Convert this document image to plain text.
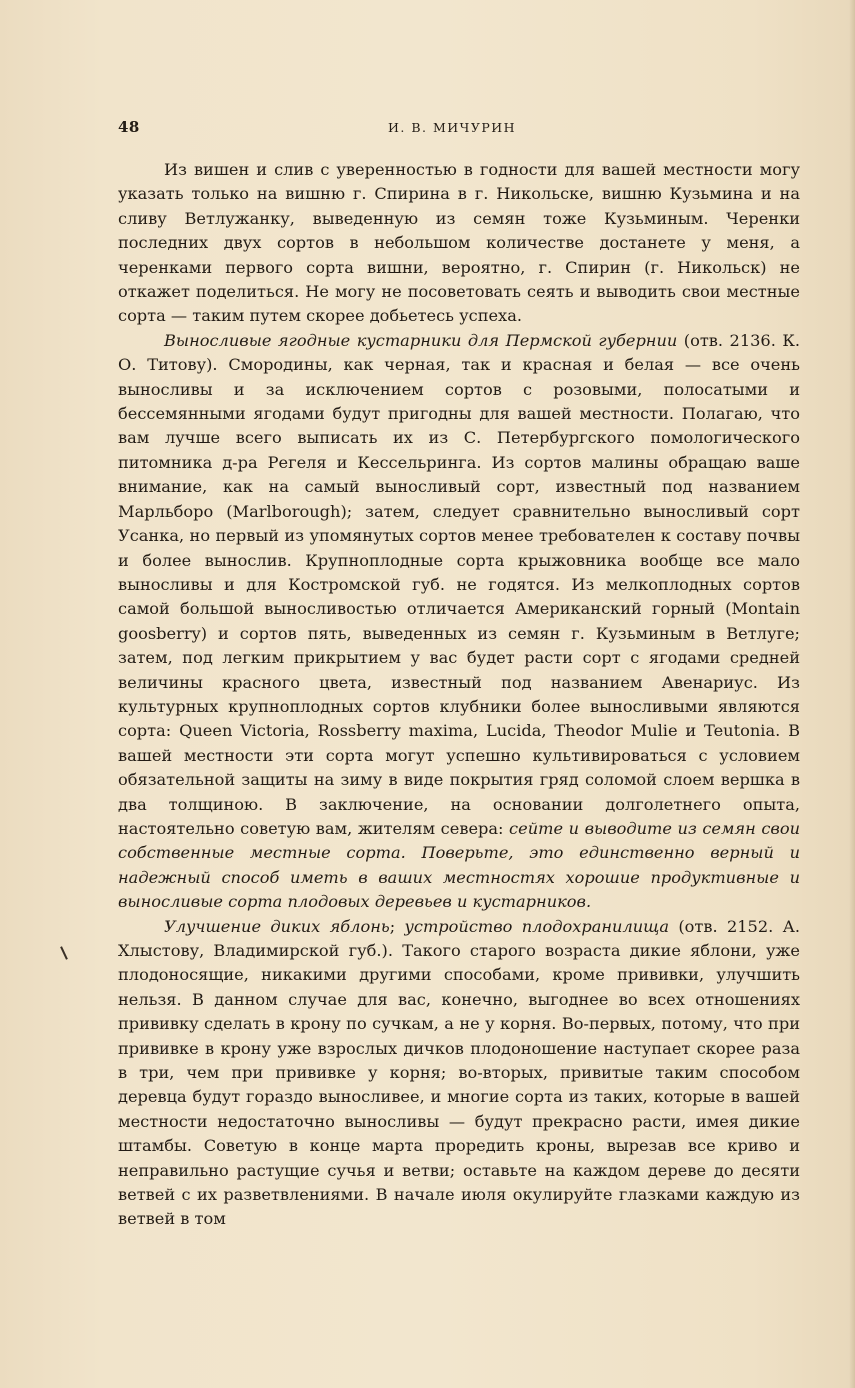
48	И. В. МИЧУРИН

Из вишен и слив с уверенностью в годности для вашей местности могу указать только на вишню г. Спирина в г. Никольске, вишню Кузьмина и на сливу Ветлужанку, выведенную из семян тоже Кузьминым. Черенки последних двух сортов в небольшом количестве достанете у меня, а черенками первого сорта вишни, вероятно, г. Спирин (г. Никольск) не откажет поделиться. Не могу не посоветовать сеять и выводить свои местные сорта — таким путем скорее добьетесь успеха.

Выносливые ягодные кустарники для Пермской губернии (отв. 2136. К. О. Титову). Смородины, как черная, так и красная и белая — все очень выносливы и за исключением сортов с розовыми, полосатыми и бессемянными ягодами будут пригодны для вашей местности. Полагаю, что вам лучше всего выписать их из С. Петербургского помологического питомника д-ра Регеля и Кессельринга. Из сортов малины обращаю ваше внимание, как на самый выносливый сорт, известный под названием Марльборо (Marlborough); затем, следует сравнительно выносливый сорт Усанка, но первый из упомянутых сортов менее требователен к составу почвы и более вынослив. Крупноплодные сорта крыжовника вообще все мало выносливы и для Костромской губ. не годятся. Из мелкоплодных сортов самой большой выносливостью отличается Американский горный (Montain goosberry) и сортов пять, выведенных из семян г. Кузьминым в Ветлуге; затем, под легким прикрытием у вас будет расти сорт с ягодами средней величины красного цвета, известный под названием Авенариус. Из культурных крупноплодных сортов клубники более выносливыми являются сорта: Queen Victoria, Rossberry maxima, Lucida, Theodor Mulie и Teutonia. В вашей местности эти сорта могут успешно культивироваться с условием обязательной защиты на зиму в виде покрытия гряд соломой слоем вершка в два толщиною. В заключение, на основании долголетнего опыта, настоятельно советую вам, жителям севера: сейте и выводите из семян свои собственные местные сорта. Поверьте, это единственно верный и надежный способ иметь в ваших местностях хорошие продуктивные и выносливые сорта плодовых деревьев и кустарников.

Улучшение диких яблонь; устройство плодохранилища (отв. 2152. А. Хлыстову, Владимирской губ.). Такого старого возраста дикие яблони, уже плодоносящие, никакими другими способами, кроме прививки, улучшить нельзя. В данном случае для вас, конечно, выгоднее во всех отношениях прививку сделать в крону по сучкам, а не у корня. Во-первых, потому, что при прививке в крону уже взрослых дичков плодоношение наступает скорее раза в три, чем при прививке у корня; во-вторых, привитые таким способом деревца будут гораздо выносливее, и многие сорта из таких, которые в вашей местности недостаточно выносливы — будут прекрасно расти, имея дикие штамбы. Советую в конце марта проредить кроны, вырезав все криво и неправильно растущие сучья и ветви; оставьте на каждом дереве до десяти ветвей с их разветвлениями. В начале июля окулируйте глазками каждую из ветвей в том
